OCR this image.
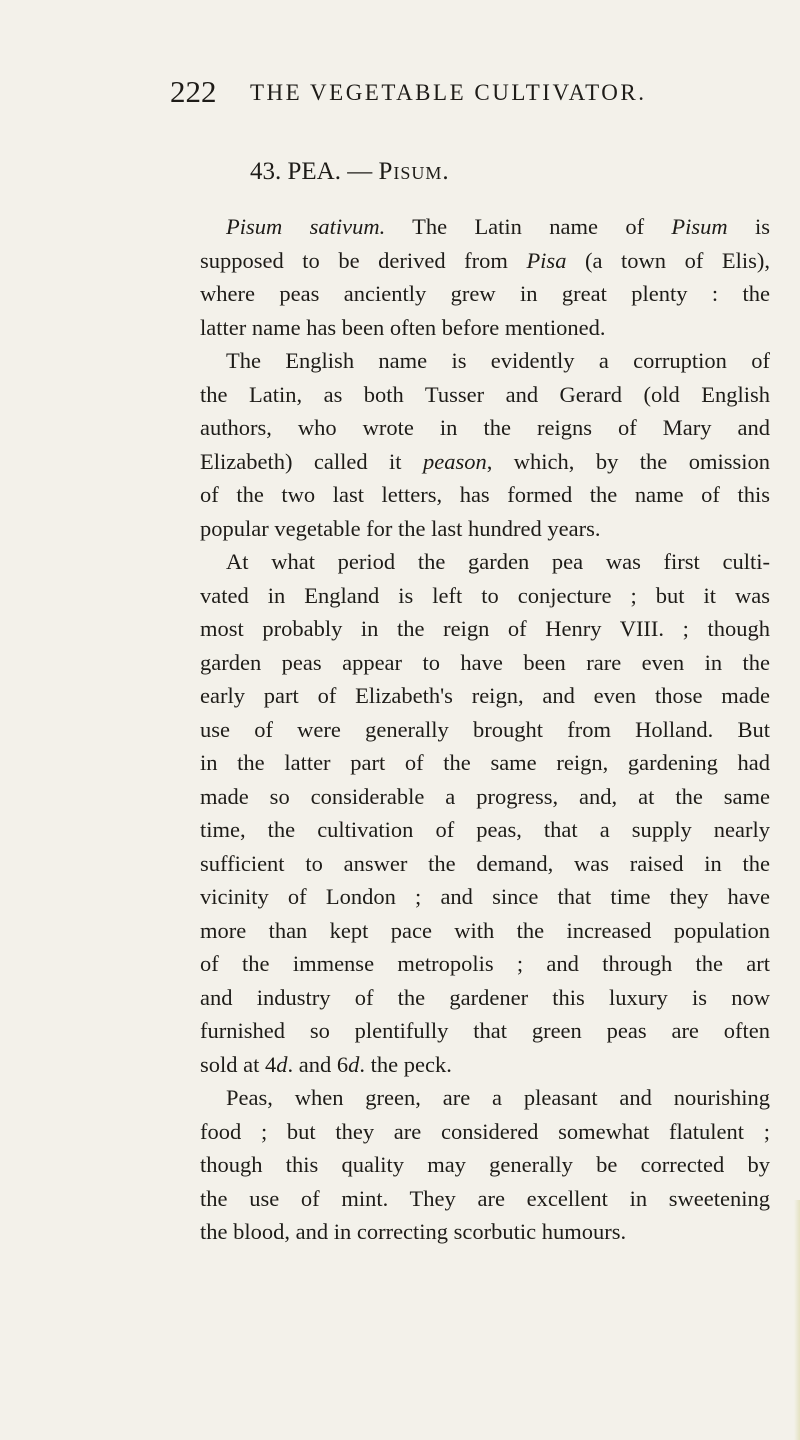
222 THE VEGETABLE CULTIVATOR.
43. PEA. — Pisum.
Pisum sativum. The Latin name of Pisum is
supposed to be derived from Pisa (a town of Elis),
where peas anciently grew in great plenty : the
latter name has been often before mentioned.
The English name is evidently a corruption of
the Latin, as both Tusser and Gerard (old English
authors, who wrote in the reigns of Mary and
Elizabeth) called it peason, which, by the omission
of the two last letters, has formed the name of this
popular vegetable for the last hundred years.
At what period the garden pea was first culti-
vated in England is left to conjecture ; but it was
most probably in the reign of Henry VIII. ; though
garden peas appear to have been rare even in the
early part of Elizabeth's reign, and even those made
use of were generally brought from Holland. But
in the latter part of the same reign, gardening had
made so considerable a progress, and, at the same
time, the cultivation of peas, that a supply nearly
sufficient to answer the demand, was raised in the
vicinity of London ; and since that time they have
more than kept pace with the increased population
of the immense metropolis ; and through the art
and industry of the gardener this luxury is now
furnished so plentifully that green peas are often
sold at 4d. and 6d. the peck.
Peas, when green, are a pleasant and nourishing
food ; but they are considered somewhat flatulent ;
though this quality may generally be corrected by
the use of mint. They are excellent in sweetening
the blood, and in correcting scorbutic humours.
